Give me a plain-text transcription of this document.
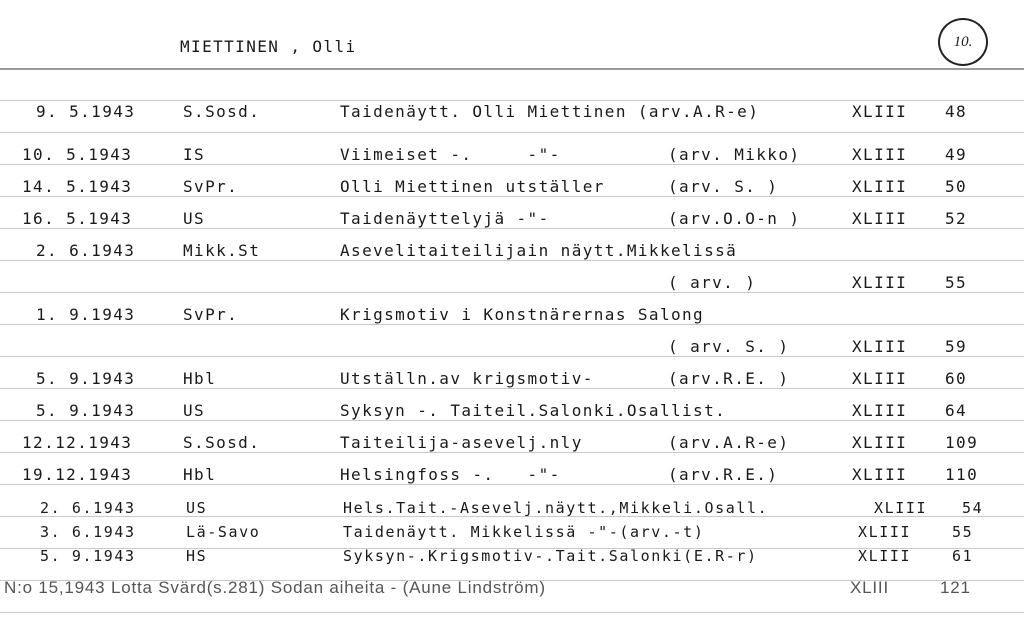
MIETTINEN , Olli	10.
9. 5.1943	S.Sosd.	Taidenäytt. Olli Miettinen (arv.A.R-e)	XLIII 48
10. 5.1943	IS	Viimeiset -.     -"-	(arv. Mikko)	XLIII 49
14. 5.1943	SvPr.	Olli Miettinen utställer	(arv. S. )	XLIII 50
16. 5.1943	US	Taidenäyttelyjä -"-	(arv.O.O-n )	XLIII 52
2. 6.1943	Mikk.St	Asevelitaiteilijain näytt.Mikkelissä
( arv. )	XLIII 55
1. 9.1943	SvPr.	Krigsmotiv i Konstnärernas Salong
( arv. S. )	XLIII 59
5. 9.1943	Hbl	Utställn.av krigsmotiv-	(arv.R.E. )	XLIII 60
5. 9.1943	US	Syksyn -. Taiteil.Salonki.Osallist.	XLIII 64
12.12.1943	S.Sosd.	Taiteilija-asevelj.nly	(arv.A.R-e)	XLIII 109
19.12.1943	Hbl	Helsingfoss -.   -"-	(arv.R.E.)	XLIII 110
2. 6.1943	US	Hels.Tait.-Asevelj.näytt.,Mikkeli.Osall.	XLIII 54
3. 6.1943	Lä-Savo	Taidenäytt. Mikkelissä -"-(arv.-t)	XLIII	55
5. 9.1943	HS	Syksyn-.Krigsmotiv-.Tait.Salonki(E.R-r)	XLIII	61
N:o 15,1943 Lotta Svärd(s.281) Sodan aiheita - (Aune Lindström)	XLIII	121
